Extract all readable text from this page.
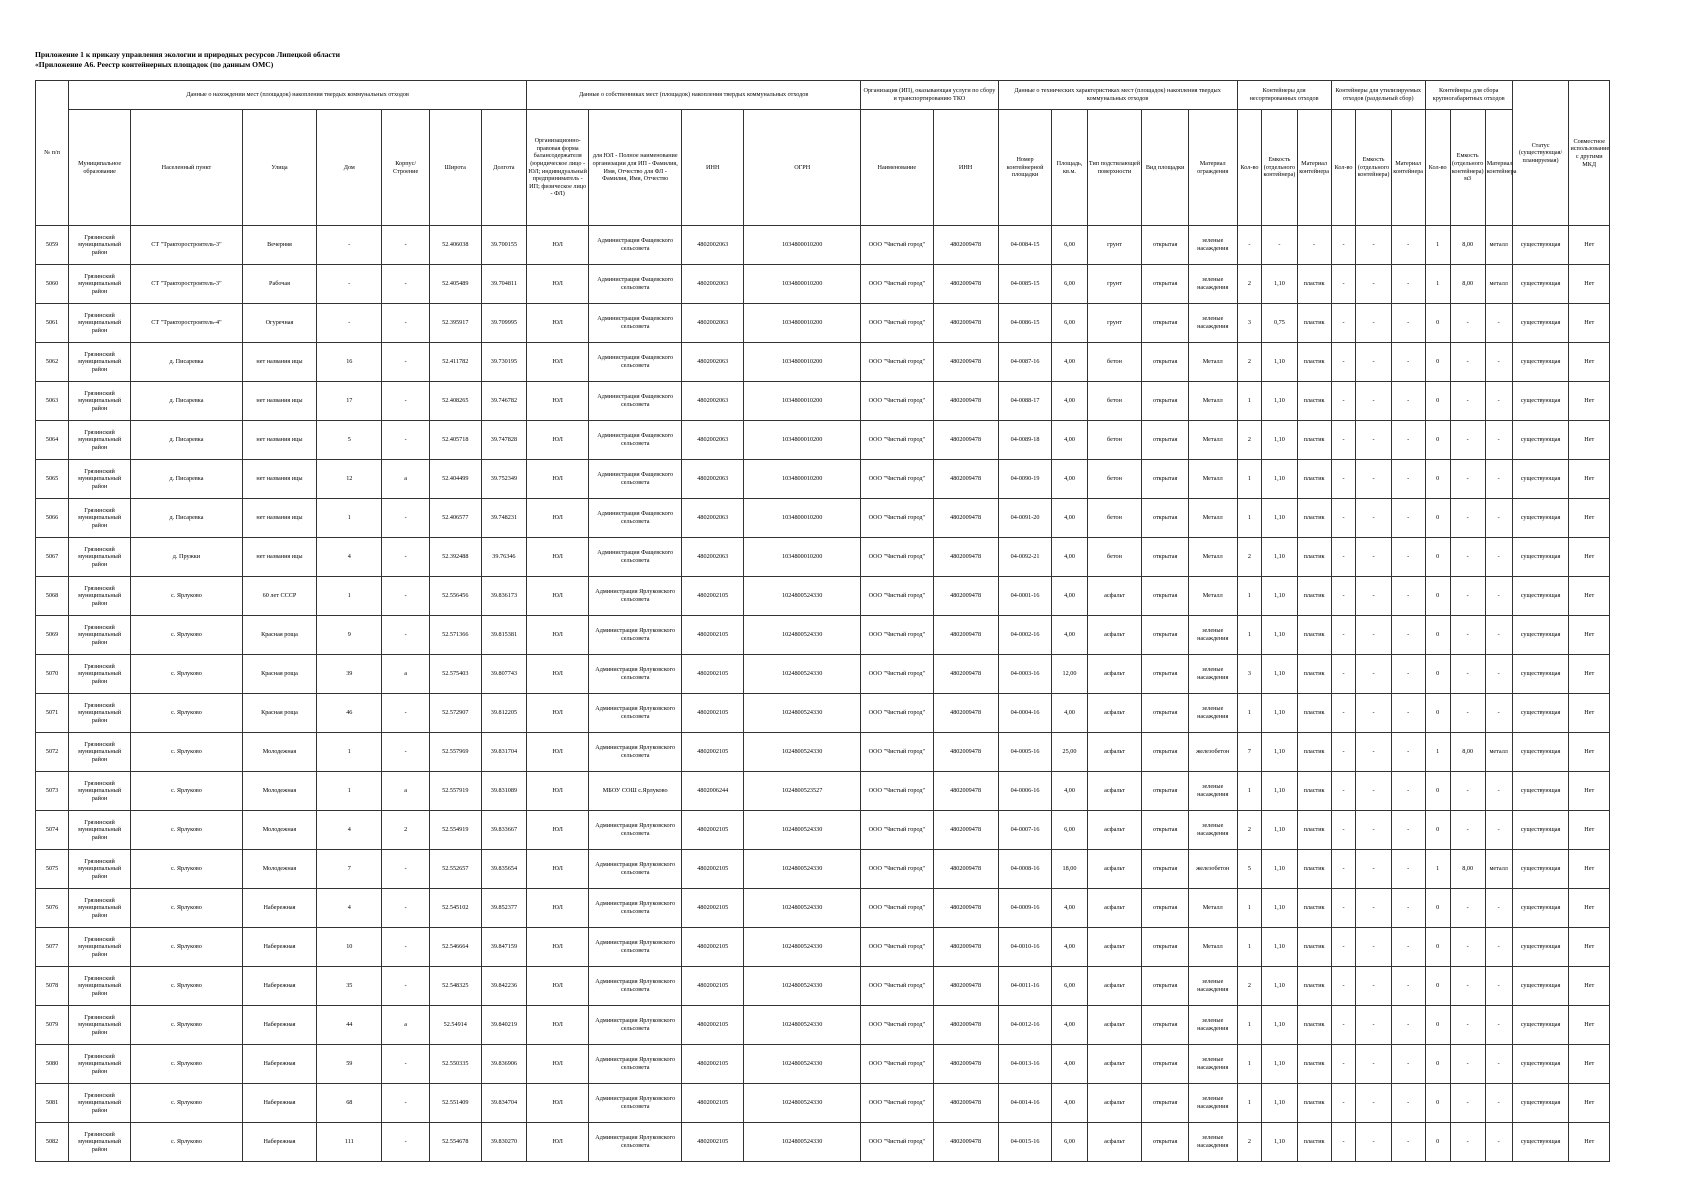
Приложение 1 к приказу управления экологии и природных ресурсов Липецкой области
«Приложение А6. Реестр контейнерных площадок (по данным ОМС)
№ п/п	Данные о нахождении мест (площадок) накопления твердых коммунальных отходов							Данные о собственниках мест (площадок) накопления твердых коммунальных отходов				Организация (ИП), оказывающая услуги по сбору и транспортированию ТКО		Данные о технических характеристиках мест (площадок) накопления твердых коммунальных отходов					Контейнеры для несортированных отходов			Контейнеры для утилизируемых отходов (раздельный сбор)			Контейнеры для сбора крупногабаритных отходов			Статус (существующая/планируемая)	Совместное использование с другими МКД
	Муниципальное образование	Населенный пункт	Улица	Дом	Корпус/Строение	Широта	Долгота	Организационно-правовая форма балансодержателя (юридическое лицо - ЮЛ; индивидуальный предприниматель - ИП; физическое лицо - ФЛ)	для ЮЛ - Полное наименование организации для ИП - Фамилия, Имя, Отчество для ФЛ - Фамилия, Имя, Отчество	ИНН	ОГРН	Наименование	ИНН	Номер контейнерной площадки	Площадь, кв.м.	Тип подстилающей поверхности	Вид площадки	Материал ограждения	Кол-во	Емкость (отдельного контейнера)	Материал контейнера	Кол-во	Емкость (отдельного контейнера)	Материал контейнера	Кол-во	Емкость (отдельного контейнера) м3	Материал контейнера		
5059	Грязинский муниципальный район	СТ "Тракторостроитель-3"	Вечерняя	-	-	52.406038	39.700155	ЮЛ	Администрация Фащевского сельсовета	4802002063	1034800010200	ООО "Чистый город"	4802009478	04-0084-15	6,00	грунт	открытая	зеленые насаждения	-	-	-	-	-	-	1	8,00	металл	существующая	Нет
5060	Грязинский муниципальный район	СТ "Тракторостроитель-3"	Рабочая	-	-	52.405489	39.704811	ЮЛ	Администрация Фащевского сельсовета	4802002063	1034800010200	ООО "Чистый город"	4802009478	04-0085-15	6,00	грунт	открытая	зеленые насаждения	2	1,10	пластик	-	-	-	1	8,00	металл	существующая	Нет
5061	Грязинский муниципальный район	СТ "Тракторостроитель-4"	Огуречная	-	-	52.395917	39.709995	ЮЛ	Администрация Фащевского сельсовета	4802002063	1034800010200	ООО "Чистый город"	4802009478	04-0086-15	6,00	грунт	открытая	зеленые насаждения	3	0,75	пластик	-	-	-	0	-	-	существующая	Нет
5062	Грязинский муниципальный район	д. Писаревка	нет названия ицы	16	-	52.411782	39.730195	ЮЛ	Администрация Фащевского сельсовета	4802002063	1034800010200	ООО "Чистый город"	4802009478	04-0087-16	4,00	бетон	открытая	Металл	2	1,10	пластик	-	-	-	0	-	-	существующая	Нет
5063	Грязинский муниципальный район	д. Писаревка	нет названия ицы	17	-	52.408265	39.746782	ЮЛ	Администрация Фащевского сельсовета	4802002063	1034800010200	ООО "Чистый город"	4802009478	04-0088-17	4,00	бетон	открытая	Металл	1	1,10	пластик	-	-	-	0	-	-	существующая	Нет
5064	Грязинский муниципальный район	д. Писаревка	нет названия ицы	5	-	52.405718	39.747828	ЮЛ	Администрация Фащевского сельсовета	4802002063	1034800010200	ООО "Чистый город"	4802009478	04-0089-18	4,00	бетон	открытая	Металл	2	1,10	пластик	-	-	-	0	-	-	существующая	Нет
5065	Грязинский муниципальный район	д. Писаревка	нет названия ицы	12	а	52.404499	39.752349	ЮЛ	Администрация Фащевского сельсовета	4802002063	1034800010200	ООО "Чистый город"	4802009478	04-0090-19	4,00	бетон	открытая	Металл	1	1,10	пластик	-	-	-	0	-	-	существующая	Нет
5066	Грязинский муниципальный район	д. Писаревка	нет названия ицы	1	-	52.406577	39.748231	ЮЛ	Администрация Фащевского сельсовета	4802002063	1034800010200	ООО "Чистый город"	4802009478	04-0091-20	4,00	бетон	открытая	Металл	1	1,10	пластик	-	-	-	0	-	-	существующая	Нет
5067	Грязинский муниципальный район	д. Пружки	нет названия ицы	4	-	52.392488	39.76346	ЮЛ	Администрация Фащевского сельсовета	4802002063	1034800010200	ООО "Чистый город"	4802009478	04-0092-21	4,00	бетон	открытая	Металл	2	1,10	пластик	-	-	-	0	-	-	существующая	Нет
5068	Грязинский муниципальный район	с. Ярлуково	60 лет СССР	1	-	52.556456	39.836173	ЮЛ	Администрация Ярлуковского сельсовета	4802002105	1024800524330	ООО "Чистый город"	4802009478	04-0001-16	4,00	асфальт	открытая	Металл	1	1,10	пластик	-	-	-	0	-	-	существующая	Нет
5069	Грязинский муниципальный район	с. Ярлуково	Красная роща	9	-	52.571366	39.815381	ЮЛ	Администрация Ярлуковского сельсовета	4802002105	1024800524330	ООО "Чистый город"	4802009478	04-0002-16	4,00	асфальт	открытая	зеленые насаждения	1	1,10	пластик	-	-	-	0	-	-	существующая	Нет
5070	Грязинский муниципальный район	с. Ярлуково	Красная роща	39	а	52.575403	39.807743	ЮЛ	Администрация Ярлуковского сельсовета	4802002105	1024800524330	ООО "Чистый город"	4802009478	04-0003-16	12,00	асфальт	открытая	зеленые насаждения	3	1,10	пластик	-	-	-	0	-	-	существующая	Нет
5071	Грязинский муниципальный район	с. Ярлуково	Красная роща	46	-	52.572907	39.812205	ЮЛ	Администрация Ярлуковского сельсовета	4802002105	1024800524330	ООО "Чистый город"	4802009478	04-0004-16	4,00	асфальт	открытая	зеленые насаждения	1	1,10	пластик	-	-	-	0	-	-	существующая	Нет
5072	Грязинский муниципальный район	с. Ярлуково	Молодежная	1	-	52.557969	39.831704	ЮЛ	Администрация Ярлуковского сельсовета	4802002105	1024800524330	ООО "Чистый город"	4802009478	04-0005-16	25,00	асфальт	открытая	железобетон	7	1,10	пластик	-	-	-	1	8,00	металл	существующая	Нет
5073	Грязинский муниципальный район	с. Ярлуково	Молодежная	1	а	52.557919	39.831089	ЮЛ	МБОУ СОШ с.Ярлуково	4802006244	1024800523527	ООО "Чистый город"	4802009478	04-0006-16	4,00	асфальт	открытая	зеленые насаждения	1	1,10	пластик	-	-	-	0	-	-	существующая	Нет
5074	Грязинский муниципальный район	с. Ярлуково	Молодежная	4	2	52.554919	39.833667	ЮЛ	Администрация Ярлуковского сельсовета	4802002105	1024800524330	ООО "Чистый город"	4802009478	04-0007-16	6,00	асфальт	открытая	зеленые насаждения	2	1,10	пластик	-	-	-	0	-	-	существующая	Нет
5075	Грязинский муниципальный район	с. Ярлуково	Молодежная	7	-	52.552657	39.835654	ЮЛ	Администрация Ярлуковского сельсовета	4802002105	1024800524330	ООО "Чистый город"	4802009478	04-0008-16	18,00	асфальт	открытая	железобетон	5	1,10	пластик	-	-	-	1	8,00	металл	существующая	Нет
5076	Грязинский муниципальный район	с. Ярлуково	Набережная	4	-	52.545102	39.852377	ЮЛ	Администрация Ярлуковского сельсовета	4802002105	1024800524330	ООО "Чистый город"	4802009478	04-0009-16	4,00	асфальт	открытая	Металл	1	1,10	пластик	-	-	-	0	-	-	существующая	Нет
5077	Грязинский муниципальный район	с. Ярлуково	Набережная	10	-	52.546664	39.847159	ЮЛ	Администрация Ярлуковского сельсовета	4802002105	1024800524330	ООО "Чистый город"	4802009478	04-0010-16	4,00	асфальт	открытая	Металл	1	1,10	пластик	-	-	-	0	-	-	существующая	Нет
5078	Грязинский муниципальный район	с. Ярлуково	Набережная	35	-	52.548325	39.842236	ЮЛ	Администрация Ярлуковского сельсовета	4802002105	1024800524330	ООО "Чистый город"	4802009478	04-0011-16	6,00	асфальт	открытая	зеленые насаждения	2	1,10	пластик	-	-	-	0	-	-	существующая	Нет
5079	Грязинский муниципальный район	с. Ярлуково	Набережная	44	а	52.54914	39.840219	ЮЛ	Администрация Ярлуковского сельсовета	4802002105	1024800524330	ООО "Чистый город"	4802009478	04-0012-16	4,00	асфальт	открытая	зеленые насаждения	1	1,10	пластик	-	-	-	0	-	-	существующая	Нет
5080	Грязинский муниципальный район	с. Ярлуково	Набережная	59	-	52.550335	39.836906	ЮЛ	Администрация Ярлуковского сельсовета	4802002105	1024800524330	ООО "Чистый город"	4802009478	04-0013-16	4,00	асфальт	открытая	зеленые насаждения	1	1,10	пластик	-	-	-	0	-	-	существующая	Нет
5081	Грязинский муниципальный район	с. Ярлуково	Набережная	68	-	52.551409	39.834704	ЮЛ	Администрация Ярлуковского сельсовета	4802002105	1024800524330	ООО "Чистый город"	4802009478	04-0014-16	4,00	асфальт	открытая	зеленые насаждения	1	1,10	пластик	-	-	-	0	-	-	существующая	Нет
5082	Грязинский муниципальный район	с. Ярлуково	Набережная	111	-	52.554678	39.830270	ЮЛ	Администрация Ярлуковского сельсовета	4802002105	1024800524330	ООО "Чистый город"	4802009478	04-0015-16	6,00	асфальт	открытая	зеленые насаждения	2	1,10	пластик	-	-	-	0	-	-	существующая	Нет
